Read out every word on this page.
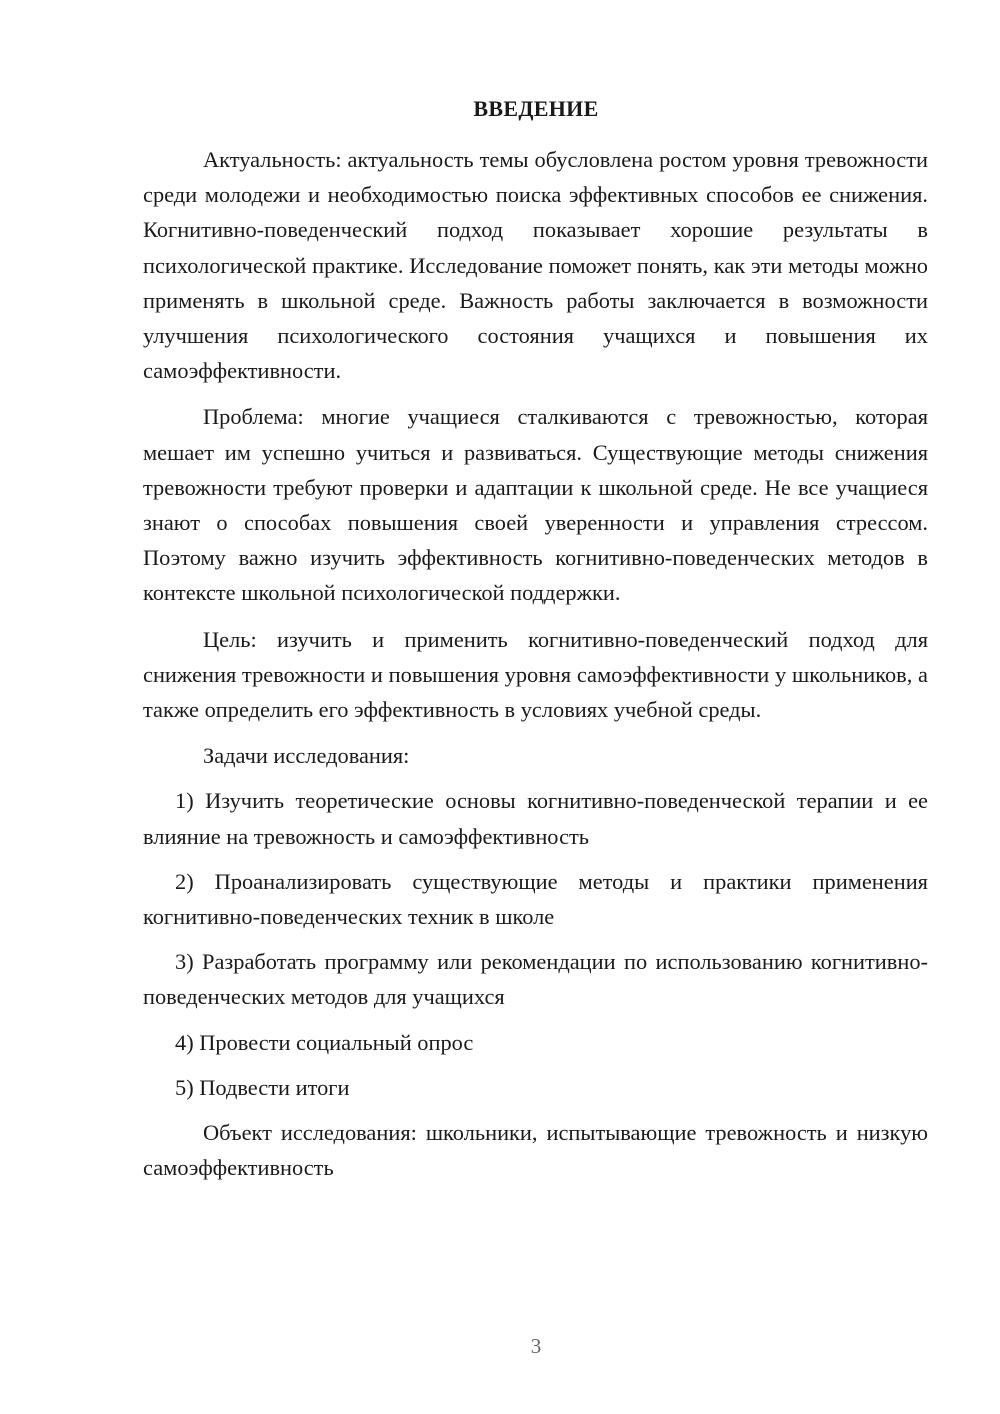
ВВЕДЕНИЕ

Актуальность: актуальность темы обусловлена ростом уровня тревожности среди молодежи и необходимостью поиска эффективных способов ее снижения. Когнитивно-поведенческий подход показывает хорошие результаты в психологической практике. Исследование поможет понять, как эти методы можно применять в школьной среде. Важность работы заключается в возможности улучшения психологического состояния учащихся и повышения их самоэффективности.

Проблема: многие учащиеся сталкиваются с тревожностью, которая мешает им успешно учиться и развиваться. Существующие методы снижения тревожности требуют проверки и адаптации к школьной среде. Не все учащиеся знают о способах повышения своей уверенности и управления стрессом. Поэтому важно изучить эффективность когнитивно-поведенческих методов в контексте школьной психологической поддержки.

Цель: изучить и применить когнитивно-поведенческий подход для снижения тревожности и повышения уровня самоэффективности у школьников, а также определить его эффективность в условиях учебной среды.

Задачи исследования:

1) Изучить теоретические основы когнитивно-поведенческой терапии и ее влияние на тревожность и самоэффективность

2) Проанализировать существующие методы и практики применения когнитивно-поведенческих техник в школе

3) Разработать программу или рекомендации по использованию когнитивно-поведенческих методов для учащихся

4) Провести социальный опрос

5) Подвести итоги

Объект исследования: школьники, испытывающие тревожность и низкую самоэффективность

3
